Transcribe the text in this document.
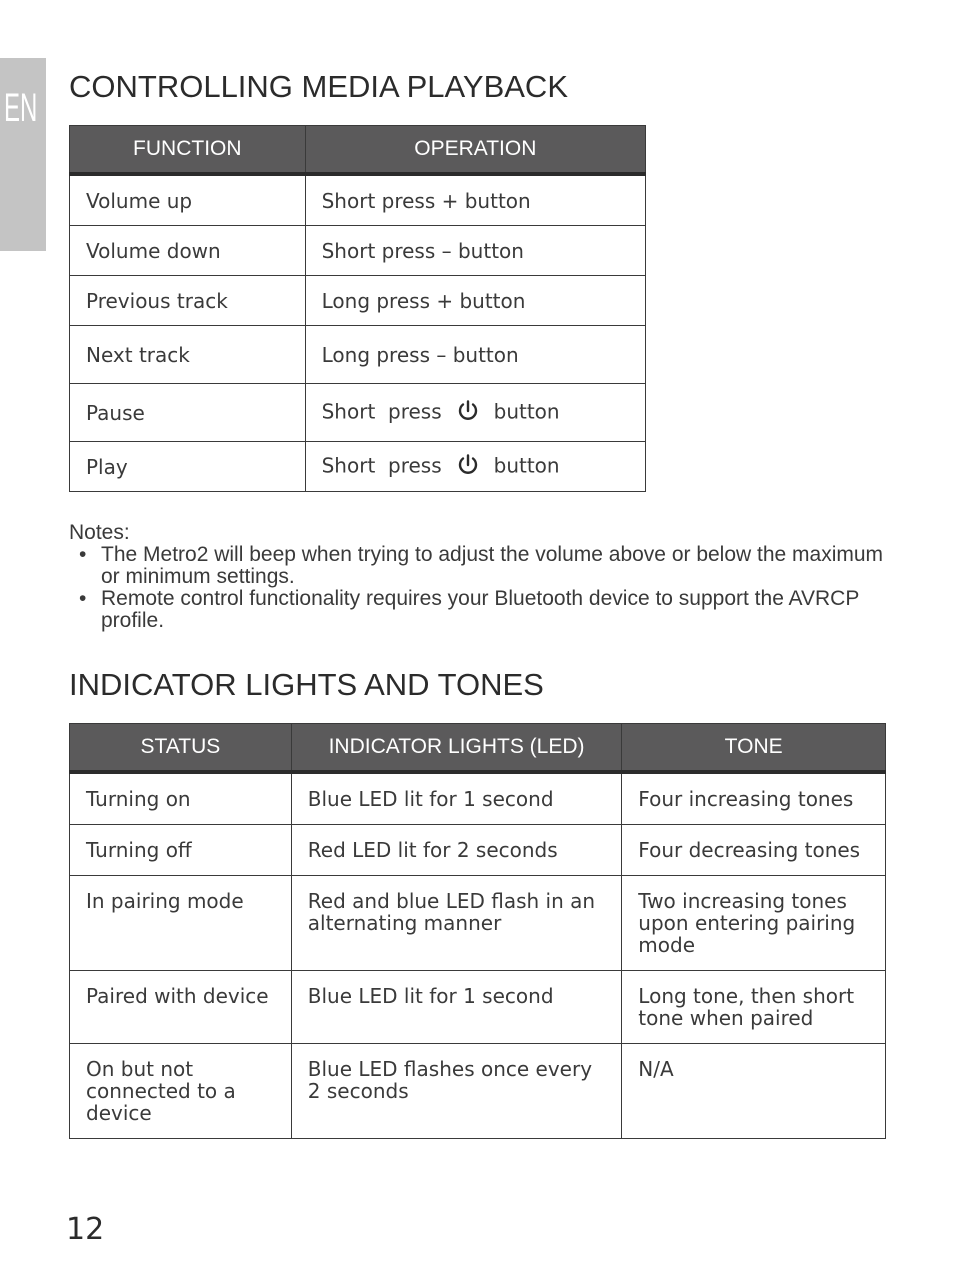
EN CONTROLLING MEDIA PLAYBACK
FUNCTION	OPERATION
Volume up	Short press + button
Volume down	Short press – button
Previous track	Long press + button
Next track	Long press – button
Pause	Short  press button
Play	Short  press button
Notes:
• The Metro2 will beep when trying to adjust the volume above or below the maximum or minimum settings.
• Remote control functionality requires your Bluetooth device to support the AVRCP profile.
INDICATOR LIGHTS AND TONES
STATUS	INDICATOR LIGHTS (LED)	TONE
Turning on	Blue LED lit for 1 second	Four increasing tones
Turning off	Red LED lit for 2 seconds	Four decreasing tones
In pairing mode	Red and blue LED flash in an alternating manner	Two increasing tones upon entering pairing mode
Paired with device	Blue LED lit for 1 second	Long tone, then short tone when paired
On but not connected to a device	Blue LED flashes once every 2 seconds	N/A
12
